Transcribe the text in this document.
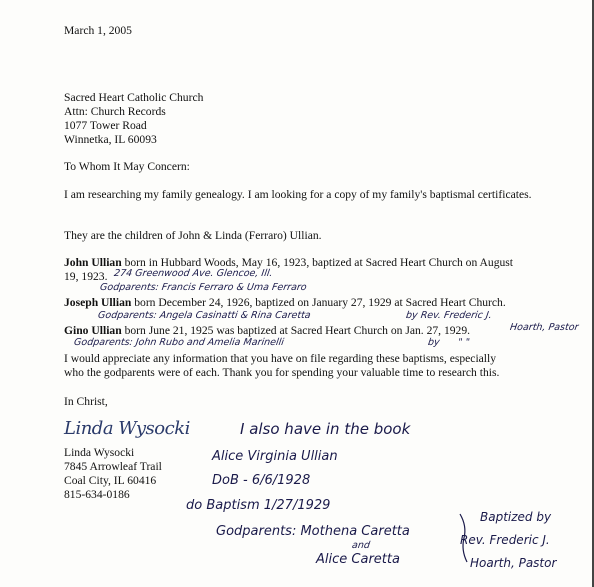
March 1, 2005
Sacred Heart Catholic Church
Attn: Church Records
1077 Tower Road
Winnetka, IL 60093
To Whom It May Concern:
I am researching my family genealogy. I am looking for a copy of my family's baptismal certificates.
They are the children of John & Linda (Ferraro) Ullian.
John Ullian born in Hubbard Woods, May 16, 1923, baptized at Sacred Heart Church on August
19, 1923. 274 Greenwood Ave. Glencoe, Ill.
Godparents: Francis Ferraro & Uma Ferraro
Joseph Ullian born December 24, 1926, baptized on January 27, 1929 at Sacred Heart Church.
Godparents: Angela Casinatti & Rina Caretta	by Rev. Frederic J.
Gino Ullian born June 21, 1925 was baptized at Sacred Heart Church on Jan. 27, 1929.	Hoarth, Pastor
Godparents: John Rubo and Amelia Marinelli	by " "
I would appreciate any information that you have on file regarding these baptisms, especially
who the godparents were of each. Thank you for spending your valuable time to research this.
In Christ,
Linda Wysocki	I also have in the book
Linda Wysocki
7845 Arrowleaf Trail
Coal City, IL 60416
815-634-0186
Alice Virginia Ullian
DoB - 6/6/1928
do Baptism 1/27/1929
Godparents: Mothena Caretta
and
Alice Caretta
Baptized by
Rev. Frederic J.
Hoarth, Pastor
